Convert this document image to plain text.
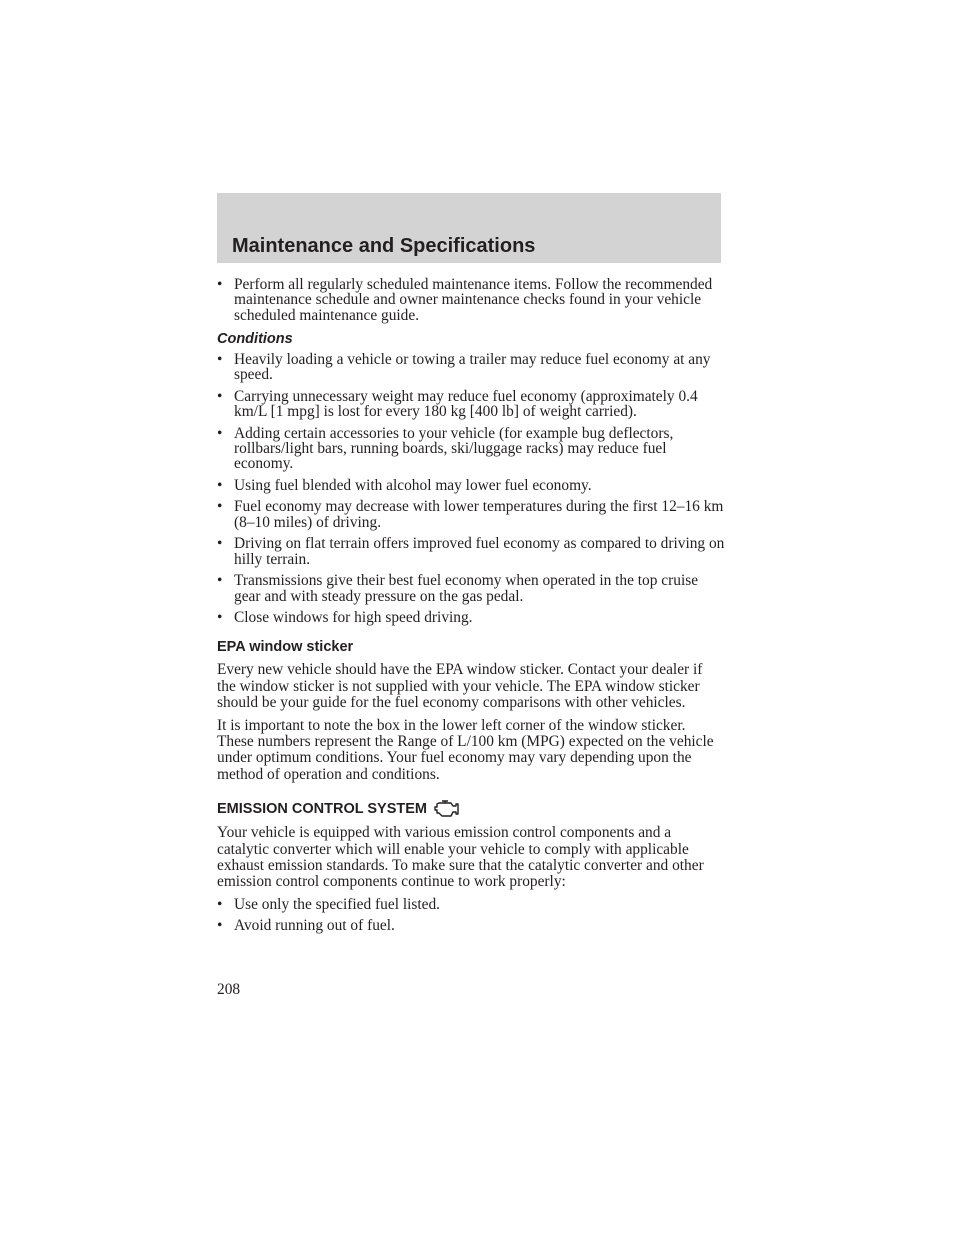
Maintenance and Specifications
• Perform all regularly scheduled maintenance items. Follow the recommended maintenance schedule and owner maintenance checks found in your vehicle scheduled maintenance guide.
Conditions
• Heavily loading a vehicle or towing a trailer may reduce fuel economy at any speed.
• Carrying unnecessary weight may reduce fuel economy (approximately 0.4 km/L [1 mpg] is lost for every 180 kg [400 lb] of weight carried).
• Adding certain accessories to your vehicle (for example bug deflectors, rollbars/light bars, running boards, ski/luggage racks) may reduce fuel economy.
• Using fuel blended with alcohol may lower fuel economy.
• Fuel economy may decrease with lower temperatures during the first 12–16 km (8–10 miles) of driving.
• Driving on flat terrain offers improved fuel economy as compared to driving on hilly terrain.
• Transmissions give their best fuel economy when operated in the top cruise gear and with steady pressure on the gas pedal.
• Close windows for high speed driving.
EPA window sticker

Every new vehicle should have the EPA window sticker. Contact your dealer if the window sticker is not supplied with your vehicle. The EPA window sticker should be your guide for the fuel economy comparisons with other vehicles.

It is important to note the box in the lower left corner of the window sticker. These numbers represent the Range of L/100 km (MPG) expected on the vehicle under optimum conditions. Your fuel economy may vary depending upon the method of operation and conditions.

EMISSION CONTROL SYSTEM

Your vehicle is equipped with various emission control components and a catalytic converter which will enable your vehicle to comply with applicable exhaust emission standards. To make sure that the catalytic converter and other emission control components continue to work properly:

• Use only the specified fuel listed.
• Avoid running out of fuel.
208
